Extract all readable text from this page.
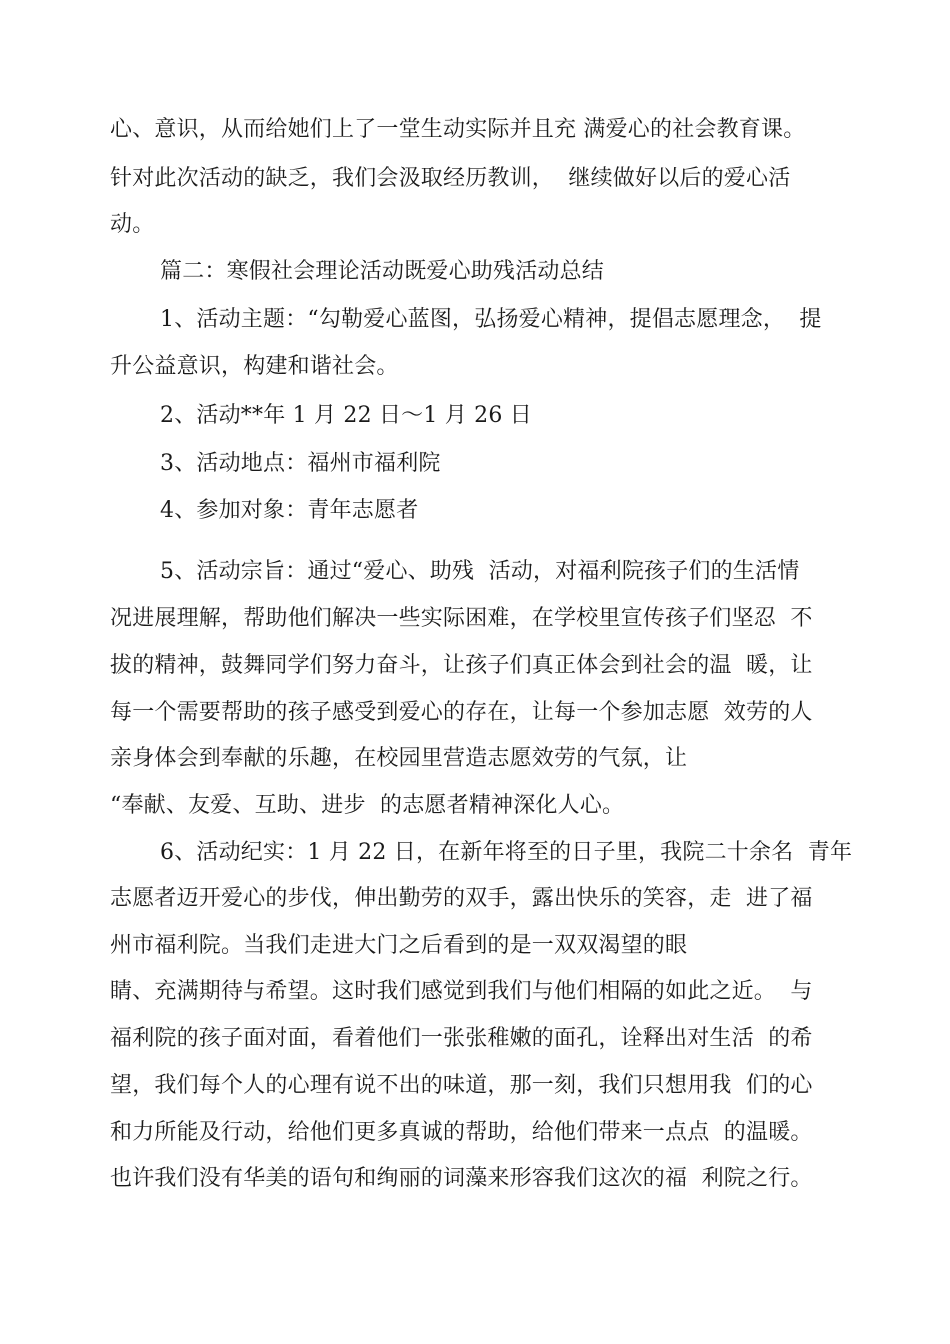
心、意识，从而给她们上了一堂生动实际并且充 满爱心的社会教育课。
针对此次活动的缺乏，我们会汲取经历教训，  继续做好以后的爱心活
动。
篇二：寒假社会理论活动既爱心助残活动总结
1、活动主题：“勾勒爱心蓝图，弘扬爱心精神，提倡志愿理念，  提
升公益意识，构建和谐社会。
2、活动**年 1 月 22 日〜1 月 26 日
3、活动地点：福州市福利院
4、参加对象：青年志愿者
5、活动宗旨：通过“爱心、助残  活动，对福利院孩子们的生活情
况进展理解，帮助他们解决一些实际困难，在学校里宣传孩子们坚忍  不
拔的精神，鼓舞同学们努力奋斗，让孩子们真正体会到社会的温  暖，让
每一个需要帮助的孩子感受到爱心的存在，让每一个参加志愿  效劳的人
亲身体会到奉献的乐趣，在校园里营造志愿效劳的气氛，让
“奉献、友爱、互助、进步  的志愿者精神深化人心。
6、活动纪实：1 月 22 日，在新年将至的日子里，我院二十余名  青年
志愿者迈开爱心的步伐，伸出勤劳的双手，露出快乐的笑容，走  进了福
州市福利院。当我们走进大门之后看到的是一双双渴望的眼
睛、充满期待与希望。这时我们感觉到我们与他们相隔的如此之近。  与
福利院的孩子面对面，看着他们一张张稚嫩的面孔，诠释出对生活  的希
望，我们每个人的心理有说不出的味道，那一刻，我们只想用我  们的心
和力所能及行动，给他们更多真诚的帮助，给他们带来一点点  的温暖。
也许我们没有华美的语句和绚丽的词藻来形容我们这次的福  利院之行。
